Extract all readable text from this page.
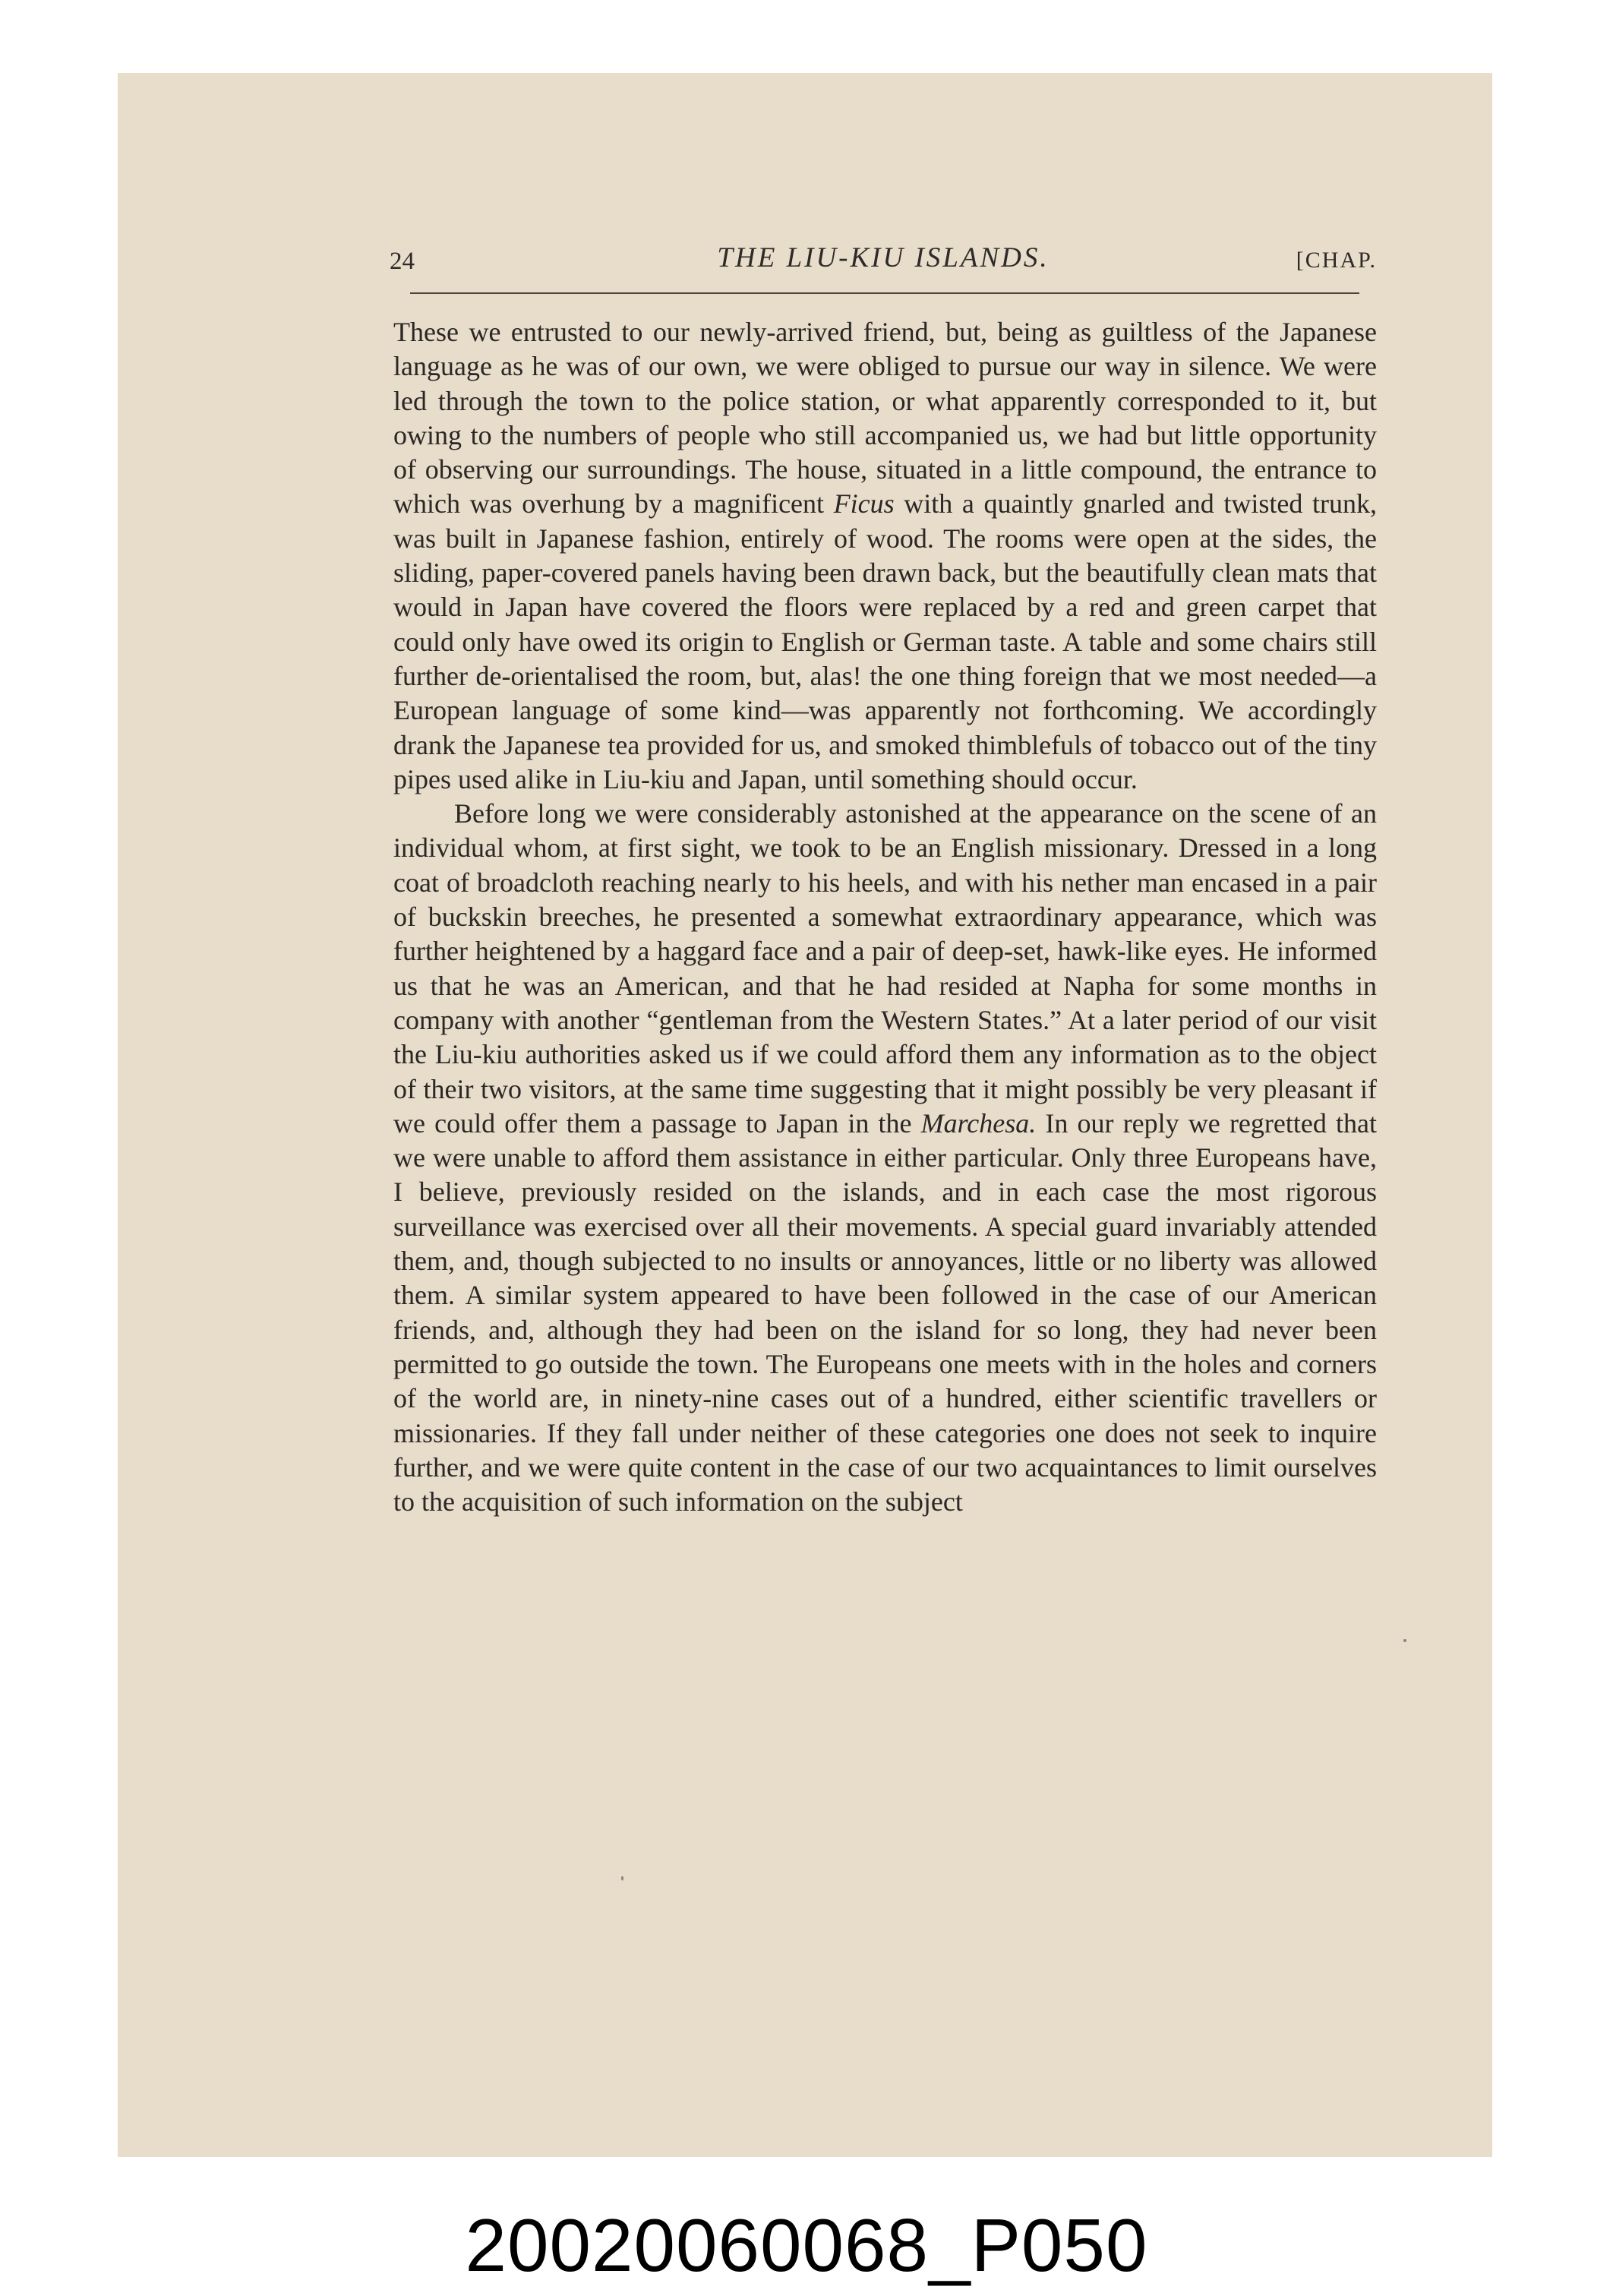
24	THE LIU-KIU ISLANDS.	[CHAP.

These we entrusted to our newly-arrived friend, but, being as guiltless of the Japanese language as he was of our own, we were obliged to pursue our way in silence. We were led through the town to the police station, or what apparently corresponded to it, but owing to the numbers of people who still accompanied us, we had but little opportunity of observing our surroundings. The house, situated in a little compound, the entrance to which was overhung by a magnificent Ficus with a quaintly gnarled and twisted trunk, was built in Japanese fashion, entirely of wood. The rooms were open at the sides, the sliding, paper-covered panels having been drawn back, but the beautifully clean mats that would in Japan have covered the floors were replaced by a red and green carpet that could only have owed its origin to English or German taste. A table and some chairs still further de-orientalised the room, but, alas! the one thing foreign that we most needed—a European language of some kind—was apparently not forthcoming. We accordingly drank the Japanese tea provided for us, and smoked thimblefuls of tobacco out of the tiny pipes used alike in Liu-kiu and Japan, until something should occur.

Before long we were considerably astonished at the appearance on the scene of an individual whom, at first sight, we took to be an English missionary. Dressed in a long coat of broadcloth reaching nearly to his heels, and with his nether man encased in a pair of buckskin breeches, he presented a somewhat extraordinary appearance, which was further heightened by a haggard face and a pair of deep-set, hawk-like eyes. He informed us that he was an American, and that he had resided at Napha for some months in company with another “gentleman from the Western States.” At a later period of our visit the Liu-kiu authorities asked us if we could afford them any information as to the object of their two visitors, at the same time suggesting that it might possibly be very pleasant if we could offer them a passage to Japan in the Marchesa. In our reply we regretted that we were unable to afford them assistance in either particular. Only three Europeans have, I believe, previously resided on the islands, and in each case the most rigorous surveillance was exercised over all their movements. A special guard invariably attended them, and, though subjected to no insults or annoyances, little or no liberty was allowed them. A similar system appeared to have been followed in the case of our American friends, and, although they had been on the island for so long, they had never been permitted to go outside the town. The Europeans one meets with in the holes and corners of the world are, in ninety-nine cases out of a hundred, either scientific travellers or missionaries. If they fall under neither of these categories one does not seek to inquire further, and we were quite content in the case of our two acquaintances to limit ourselves to the acquisition of such information on the subject

20020060068_P050
